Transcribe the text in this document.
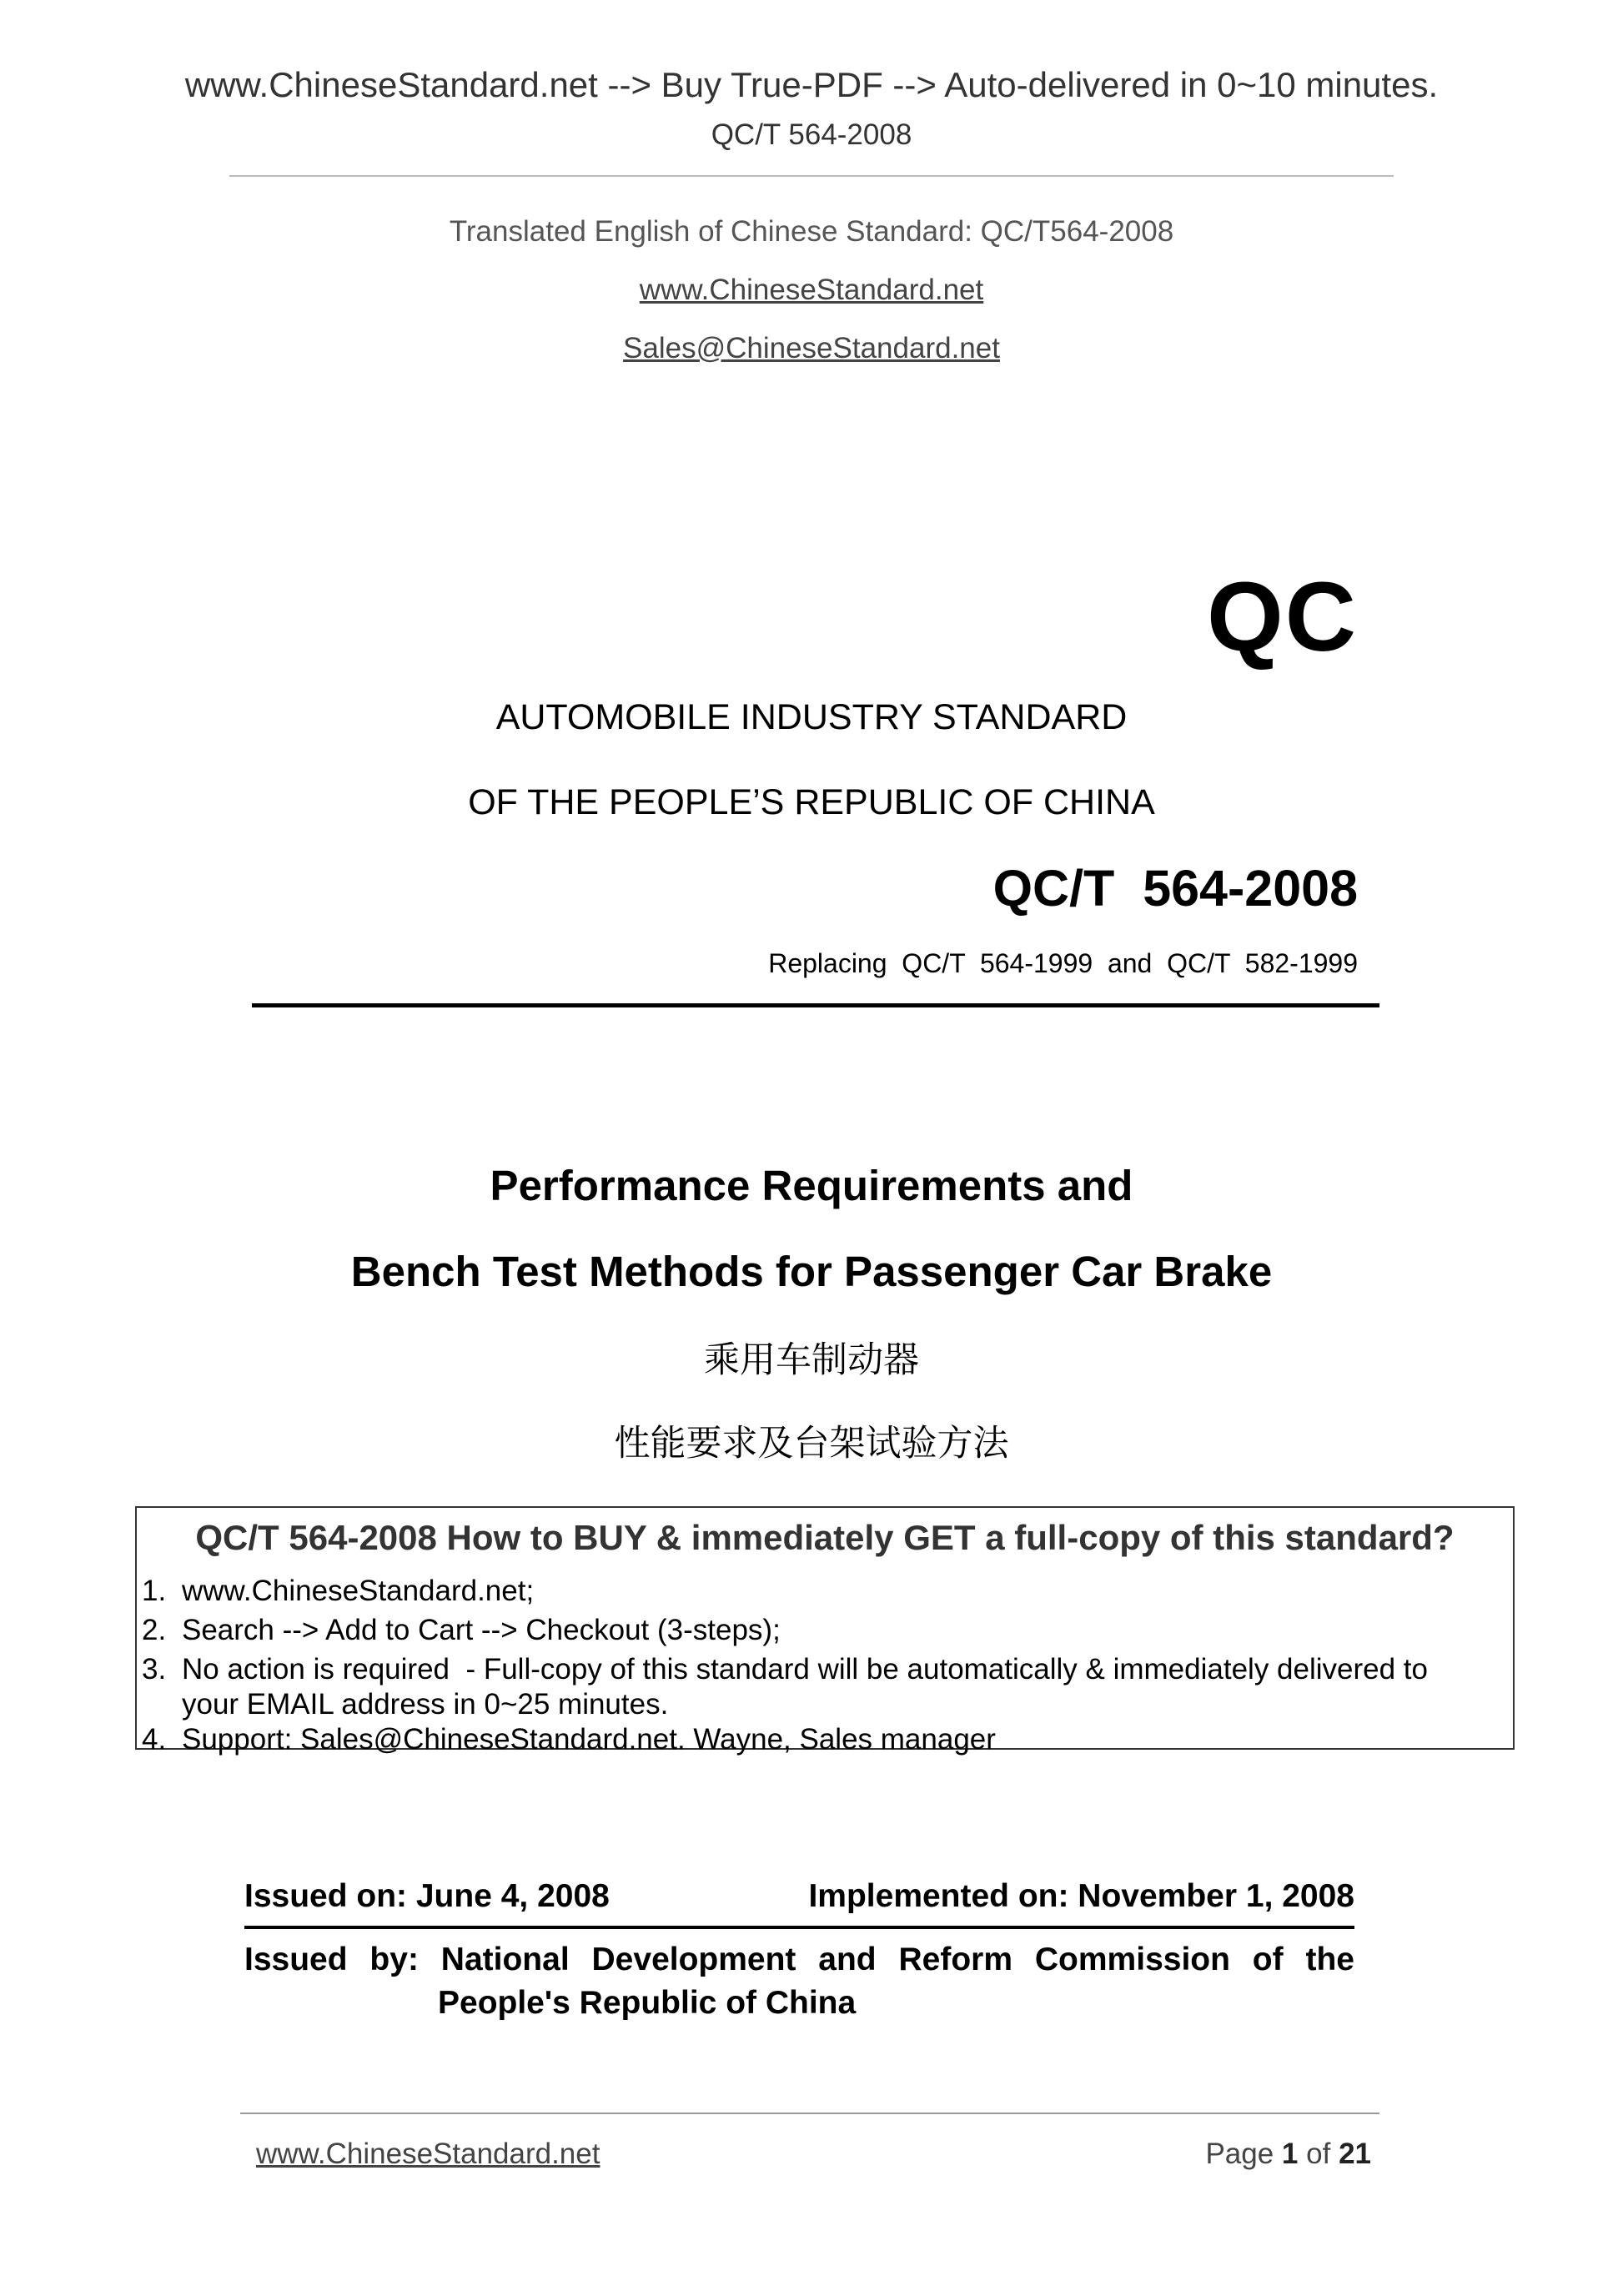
www.ChineseStandard.net --> Buy True-PDF --> Auto-delivered in 0~10 minutes.
QC/T 564-2008
Translated English of Chinese Standard: QC/T564-2008
www.ChineseStandard.net
Sales@ChineseStandard.net
QC
AUTOMOBILE INDUSTRY STANDARD
OF THE PEOPLE’S REPUBLIC OF CHINA
QC/T  564-2008
Replacing  QC/T  564-1999  and  QC/T  582-1999
Performance Requirements and
Bench Test Methods for Passenger Car Brake
乘用车制动器
性能要求及台架试验方法
QC/T 564-2008 How to BUY & immediately GET a full-copy of this standard?
1. www.ChineseStandard.net;
2. Search --> Add to Cart --> Checkout (3-steps);
3. No action is required  - Full-copy of this standard will be automatically & immediately delivered to
your EMAIL address in 0~25 minutes.
4. Support: Sales@ChineseStandard.net. Wayne, Sales manager
Issued on: June 4, 2008	Implemented on: November 1, 2008
Issued by: National Development and Reform Commission of the
People's Republic of China
www.ChineseStandard.net	Page 1 of 21
